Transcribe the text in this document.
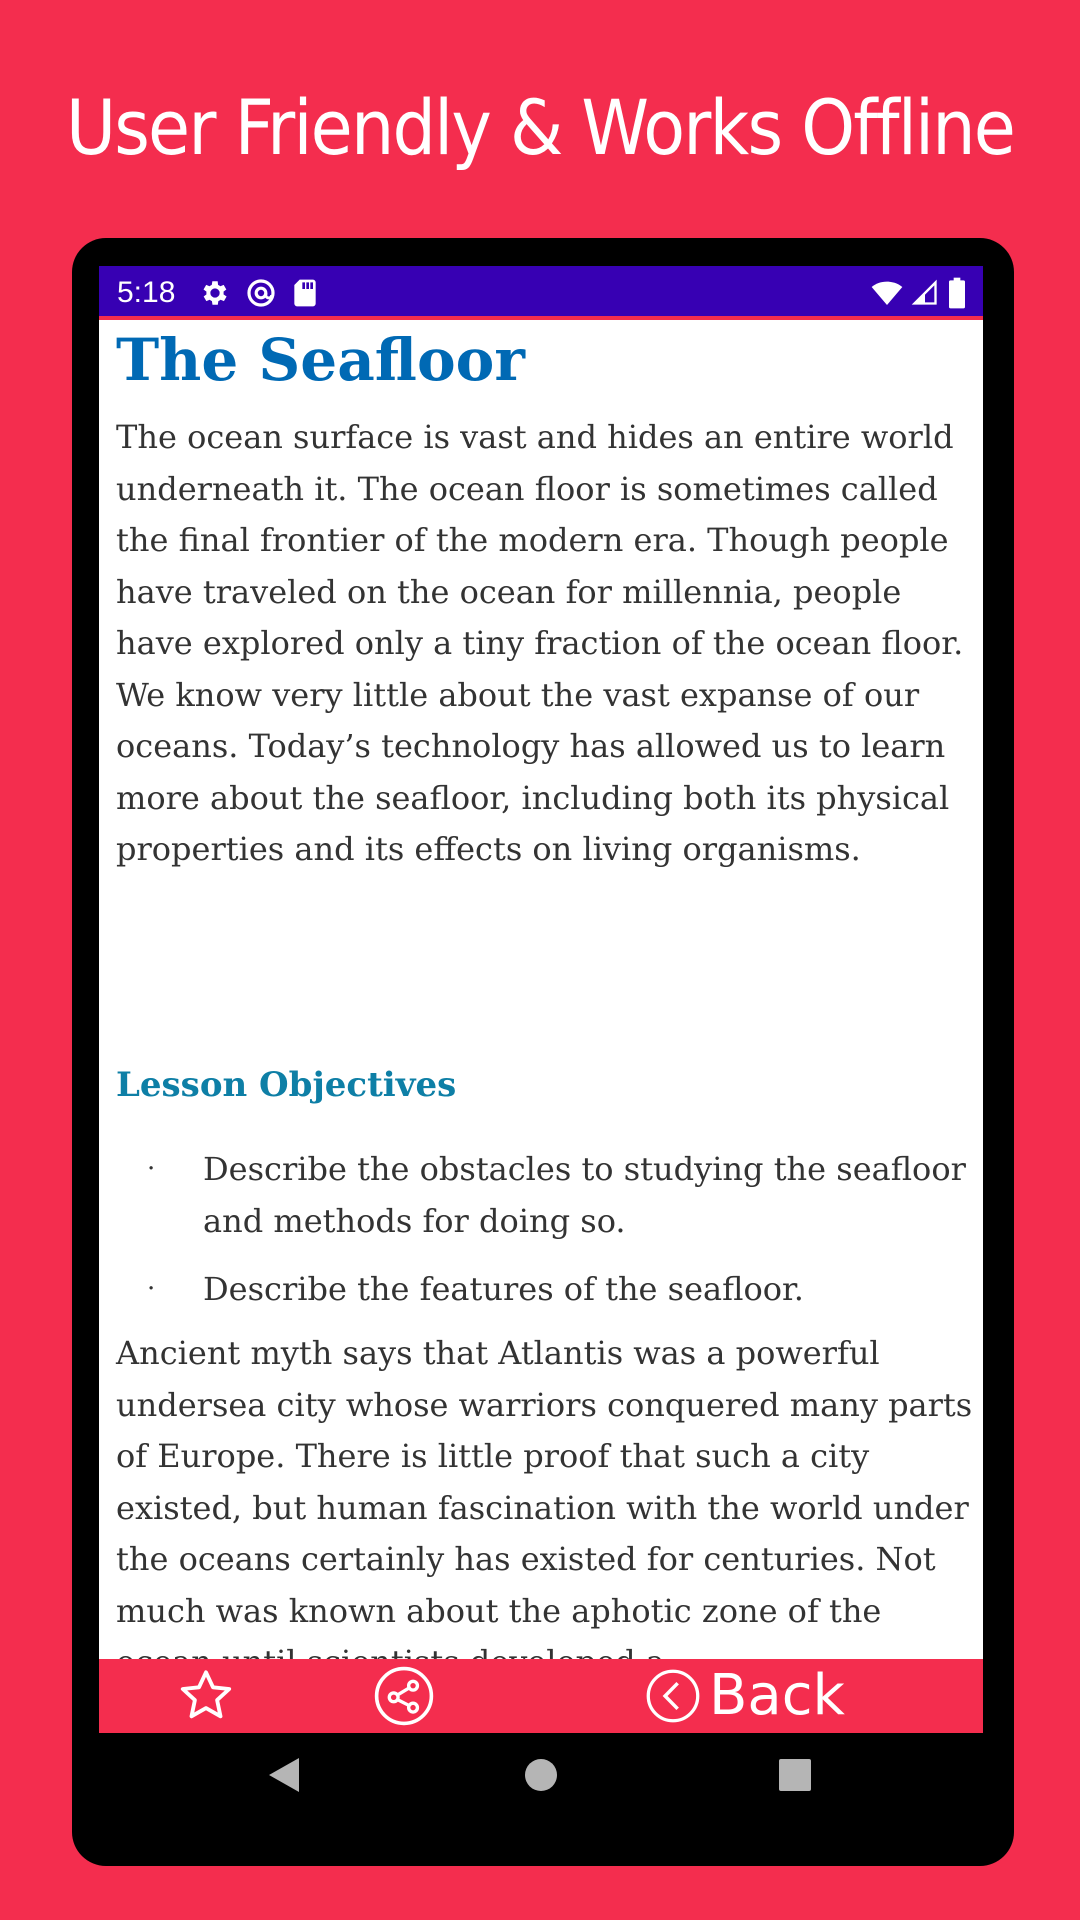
User Friendly & Works Offline
5:18
The Seafloor

The ocean surface is vast and hides an entire world underneath it. The ocean floor is sometimes called the final frontier of the modern era. Though people have traveled on the ocean for millennia, people have explored only a tiny fraction of the ocean floor. We know very little about the vast expanse of our oceans. Today’s technology has allowed us to learn more about the seafloor, including both its physical properties and its effects on living organisms.

Lesson Objectives
· Describe the obstacles to studying the seafloor and methods for doing so.
· Describe the features of the seafloor.

Ancient myth says that Atlantis was a powerful undersea city whose warriors conquered many parts of Europe. There is little proof that such a city existed, but human fascination with the world under the oceans certainly has existed for centuries. Not much was known about the aphotic zone of the

Back
